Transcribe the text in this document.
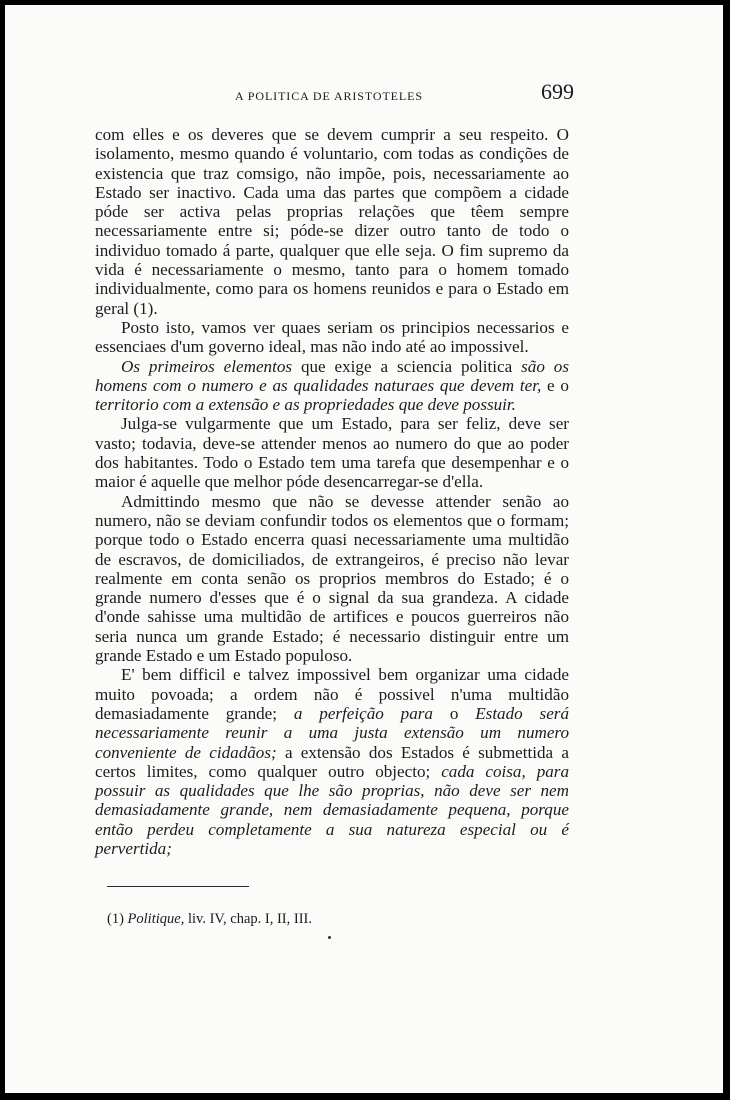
A POLITICA DE ARISTOTELES	699

com elles e os deveres que se devem cumprir a seu respeito. O isolamento, mesmo quando é voluntario, com todas as condições de existencia que traz comsigo, não impõe, pois, necessariamente ao Estado ser inactivo. Cada uma das partes que compõem a cidade póde ser activa pelas proprias relações que têem sempre necessariamente entre si; póde-se dizer outro tanto de todo o individuo tomado á parte, qualquer que elle seja. O fim supremo da vida é necessariamente o mesmo, tanto para o homem tomado individualmente, como para os homens reunidos e para o Estado em geral (1).

Posto isto, vamos ver quaes seriam os principios necessarios e essenciaes d'um governo ideal, mas não indo até ao impossivel.

Os primeiros elementos que exige a sciencia politica são os homens com o numero e as qualidades naturaes que devem ter, e o territorio com a extensão e as propriedades que deve possuir.

Julga-se vulgarmente que um Estado, para ser feliz, deve ser vasto; todavia, deve-se attender menos ao numero do que ao poder dos habitantes. Todo o Estado tem uma tarefa que desempenhar e o maior é aquelle que melhor póde desencarregar-se d'ella.

Admittindo mesmo que não se devesse attender senão ao numero, não se deviam confundir todos os elementos que o formam; porque todo o Estado encerra quasi necessariamente uma multidão de escravos, de domiciliados, de extrangeiros, é preciso não levar realmente em conta senão os proprios membros do Estado; é o grande numero d'esses que é o signal da sua grandeza. A cidade d'onde sahisse uma multidão de artifices e poucos guerreiros não seria nunca um grande Estado; é necessario distinguir entre um grande Estado e um Estado populoso.

E' bem difficil e talvez impossivel bem organizar uma cidade muito povoada; a ordem não é possivel n'uma multidão demasiadamente grande; a perfeição para o Estado será necessariamente reunir a uma justa extensão um numero conveniente de cidadãos; a extensão dos Estados é submettida a certos limites, como qualquer outro objecto; cada coisa, para possuir as qualidades que lhe são proprias, não deve ser nem demasiadamente grande, nem demasiadamente pequena, porque então perdeu completamente a sua natureza especial ou é pervertida;

(1) Politique, liv. IV, chap. I, II, III.
